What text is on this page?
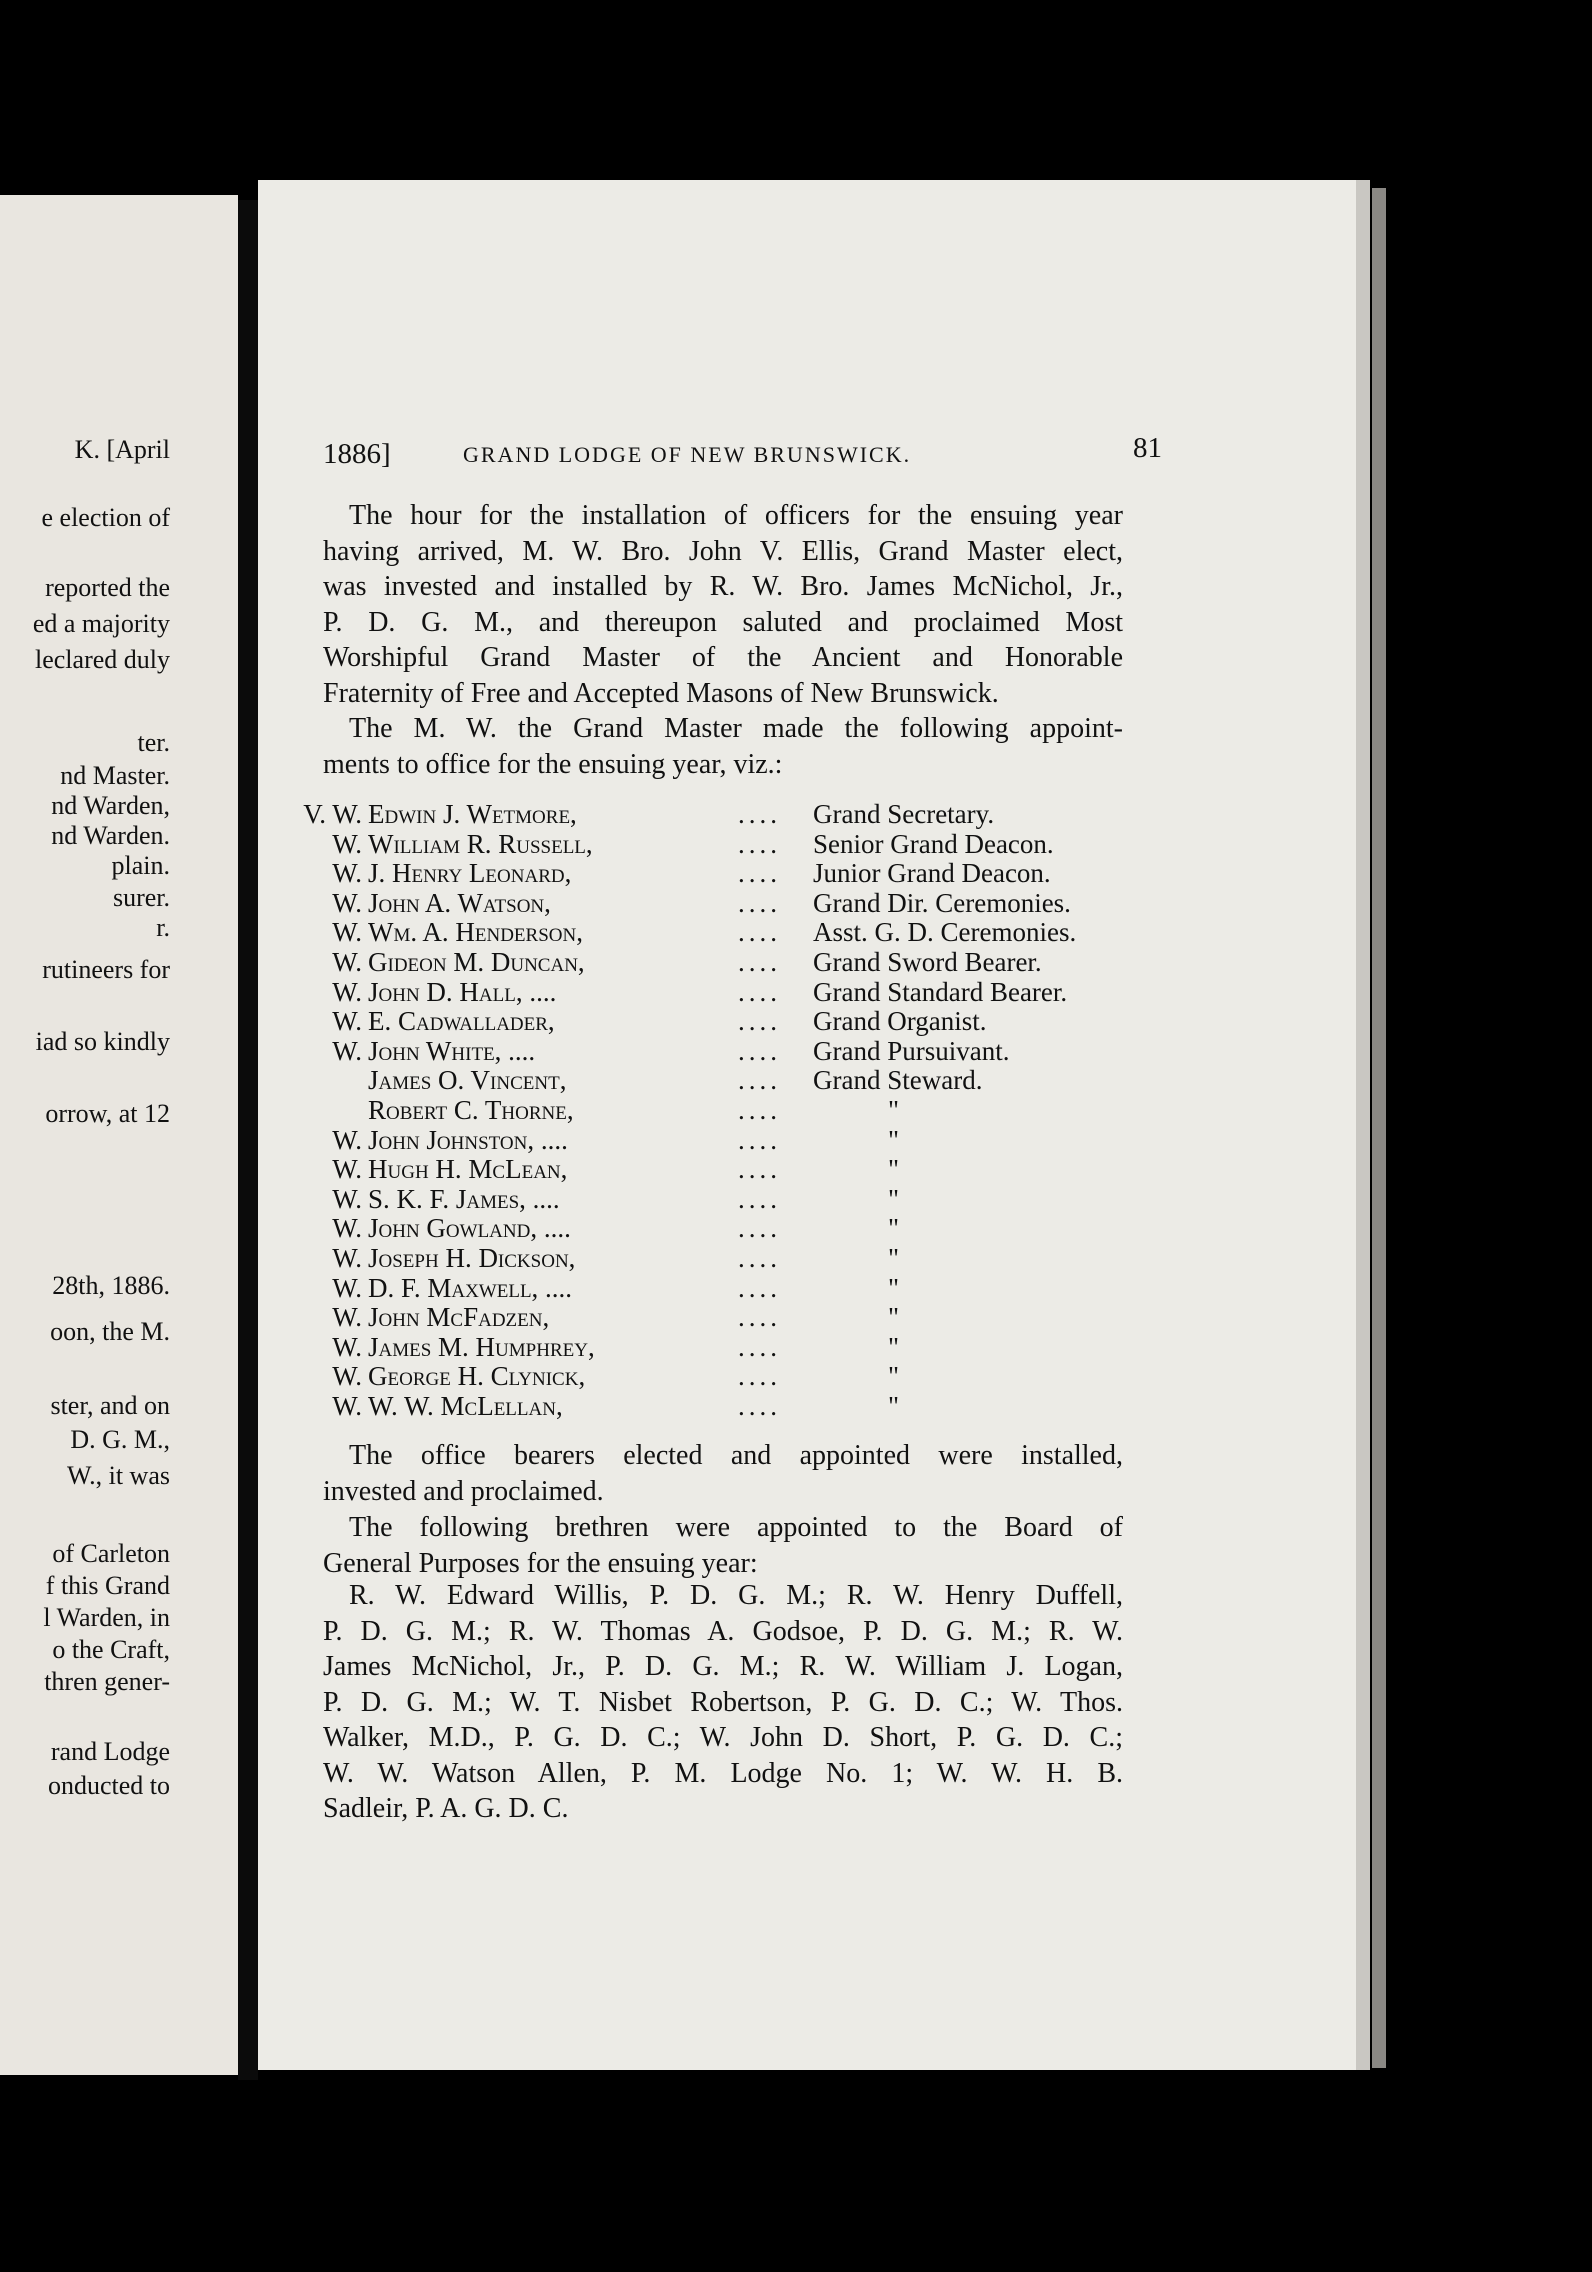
K. [April
e election of
reported the
ed a majority
leclared duly
ter.
nd Master.
nd Warden,
nd Warden.
plain.
surer.
r.
rutineers for
iad so kindly
orrow, at 12
28th, 1886.
oon, the M.
ster, and on
D. G. M.,
W., it was
of Carleton
f this Grand
l Warden, in
o the Craft,
thren gener-
rand Lodge
onducted to
1886]	GRAND LODGE OF NEW BRUNSWICK.	81
The hour for the installation of officers for the ensuing year
having arrived, M. W. Bro. John V. Ellis, Grand Master elect,
was invested and installed by R. W. Bro. James McNichol, Jr.,
P. D. G. M., and thereupon saluted and proclaimed Most
Worshipful Grand Master of the Ancient and Honorable
Fraternity of Free and Accepted Masons of New Brunswick.
The M. W. the Grand Master made the following appoint-
ments to office for the ensuing year, viz.:
V. W. Edwin J. Wetmore,	.... Grand Secretary.
W. William R. Russell,	.... Senior Grand Deacon.
W. J. Henry Leonard,	.... Junior Grand Deacon.
W. John A. Watson,	.... Grand Dir. Ceremonies.
W. Wm. A. Henderson,	.... Asst. G. D. Ceremonies.
W. Gideon M. Duncan,	.... Grand Sword Bearer.
W. John D. Hall, ....	.... Grand Standard Bearer.
W. E. Cadwallader,	.... Grand Organist.
W. John White, ....	.... Grand Pursuivant.
James O. Vincent,	.... Grand Steward.
Robert C. Thorne,	....	"
W. John Johnston, ....	....	"
W. Hugh H. McLean,	....	"
W. S. K. F. James, ....	....	"
W. John Gowland, ....	....	"
W. Joseph H. Dickson,	....	"
W. D. F. Maxwell, ....	....	"
W. John McFadzen,	....	"
W. James M. Humphrey,	....	"
W. George H. Clynick,	....	"
W. W. W. McLellan,	....	"
The office bearers elected and appointed were installed,
invested and proclaimed.
The following brethren were appointed to the Board of
General Purposes for the ensuing year:
R. W. Edward Willis, P. D. G. M.; R. W. Henry Duffell,
P. D. G. M.; R. W. Thomas A. Godsoe, P. D. G. M.; R. W.
James McNichol, Jr., P. D. G. M.; R. W. William J. Logan,
P. D. G. M.; W. T. Nisbet Robertson, P. G. D. C.; W. Thos.
Walker, M.D., P. G. D. C.; W. John D. Short, P. G. D. C.;
W. W. Watson Allen, P. M. Lodge No. 1; W. W. H. B.
Sadleir, P. A. G. D. C.
